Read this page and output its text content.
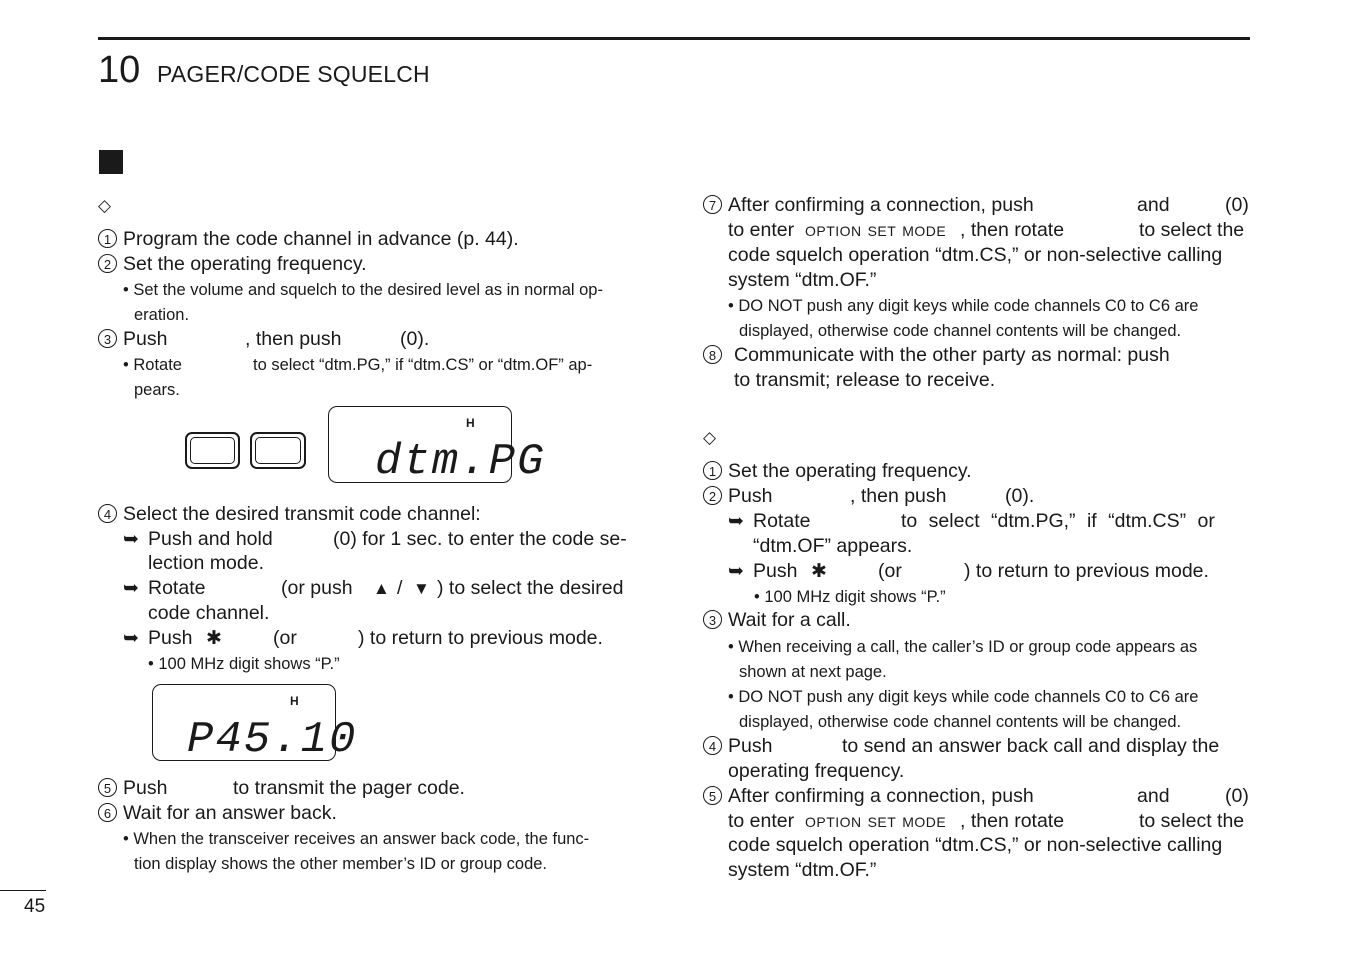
10 PAGER/CODE SQUELCH
◇
1 Program the code channel in advance (p. 44).
2 Set the operating frequency.
• Set the volume and squelch to the desired level as in normal op-
eration.
3 Push	, then push	(0).
• Rotate	to select “dtm.PG,” if “dtm.CS” or “dtm.OF” ap-
pears.
H
dtm.PG
4 Select the desired transmit code channel:
➥ Push and hold	(0) for 1 sec. to enter the code se-
lection mode.
➥ Rotate	(or push ▲ / ▼ ) to select the desired
code channel.
➥ Push ✱	(or	) to return to previous mode.
• 100 MHz digit shows “P.”
H
P45.10
5 Push	to transmit the pager code.
6 Wait for an answer back.
• When the transceiver receives an answer back code, the func-
tion display shows the other member’s ID or group code.
7 After confirming a connection, push	and	(0)
to enter option set mode , then rotate	to select the
code squelch operation “dtm.CS,” or non-selective calling
system “dtm.OF.”
• DO NOT push any digit keys while code channels C0 to C6 are
displayed, otherwise code channel contents will be changed.
8 Communicate with the other party as normal: push
to transmit; release to receive.
◇
1 Set the operating frequency.
2 Push	, then push	(0).
➥ Rotate	to select “dtm.PG,” if “dtm.CS” or
“dtm.OF” appears.
➥ Push ✱	(or	) to return to previous mode.
• 100 MHz digit shows “P.”
3 Wait for a call.
• When receiving a call, the caller’s ID or group code appears as
shown at next page.
• DO NOT push any digit keys while code channels C0 to C6 are
displayed, otherwise code channel contents will be changed.
4 Push	to send an answer back call and display the
operating frequency.
5 After confirming a connection, push	and	(0)
to enter option set mode , then rotate	to select the
code squelch operation “dtm.CS,” or non-selective calling
system “dtm.OF.”
45
